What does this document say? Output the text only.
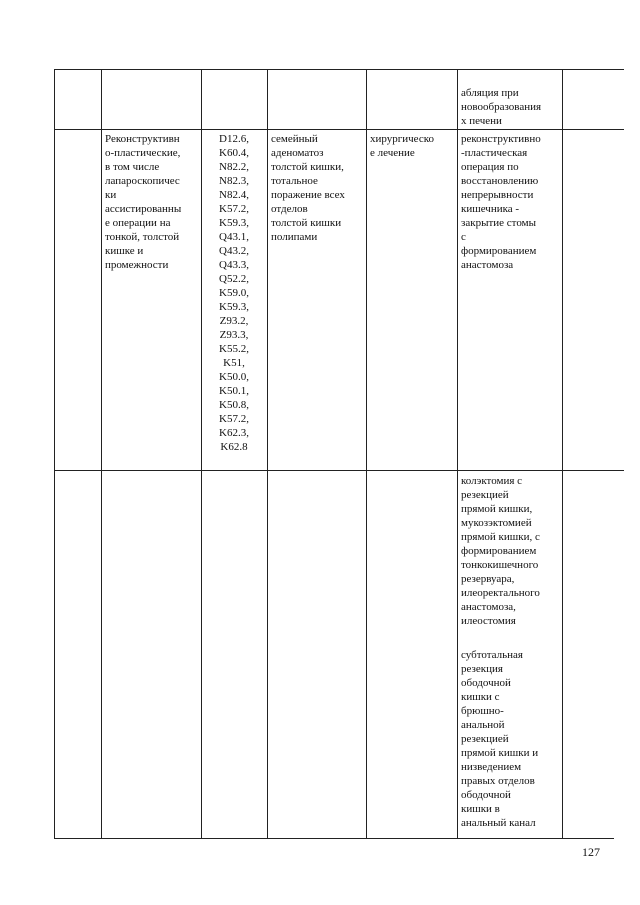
абляция при
новообразования
х печени
Реконструктивн
о-пластические,
в том числе
лапароскопичес
ки
ассистированны
е операции на
тонкой, толстой
кишке и
промежности
D12.6,
K60.4,
N82.2,
N82.3,
N82.4,
K57.2,
K59.3,
Q43.1,
Q43.2,
Q43.3,
Q52.2,
K59.0,
K59.3,
Z93.2,
Z93.3,
K55.2,
K51,
K50.0,
K50.1,
K50.8,
K57.2,
K62.3,
K62.8
семейный
аденоматоз
толстой кишки,
тотальное
поражение всех
отделов
толстой кишки
полипами
хирургическо
е лечение
реконструктивно
-пластическая
операция по
восстановлению
непрерывности
кишечника -
закрытие стомы
с
формированием
анастомоза
колэктомия с
резекцией
прямой кишки,
мукозэктомией
прямой кишки, с
формированием
тонкокишечного
резервуара,
илеоректального
анастомоза,
илеостомия
субтотальная
резекция
ободочной
кишки с
брюшно-
анальной
резекцией
прямой кишки и
низведением
правых отделов
ободочной
кишки в
анальный канал
127
